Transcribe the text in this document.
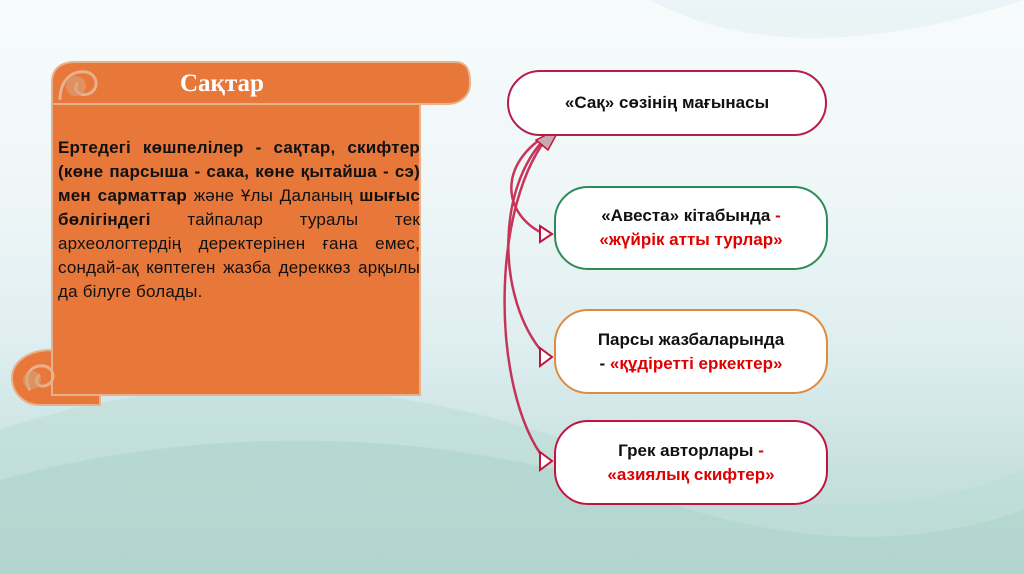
Сақтар
Ертедегі көшпелілер - сақтар, скифтер (көне парсыша - сака, көне қытайша - сэ) мен сарматтар және Ұлы Даланың шығыс бөлігіндегі тайпалар туралы тек археологтердің деректерінен ғана емес, сондай-ақ көптеген жазба дереккөз арқылы да білуге болады.
«Сақ» сөзінің мағынасы
«Авеста» кітабында -
«жүйрік атты турлар»
Парсы жазбаларында
- «құдіретті еркектер»
Грек авторлары -
«азиялық скифтер»
